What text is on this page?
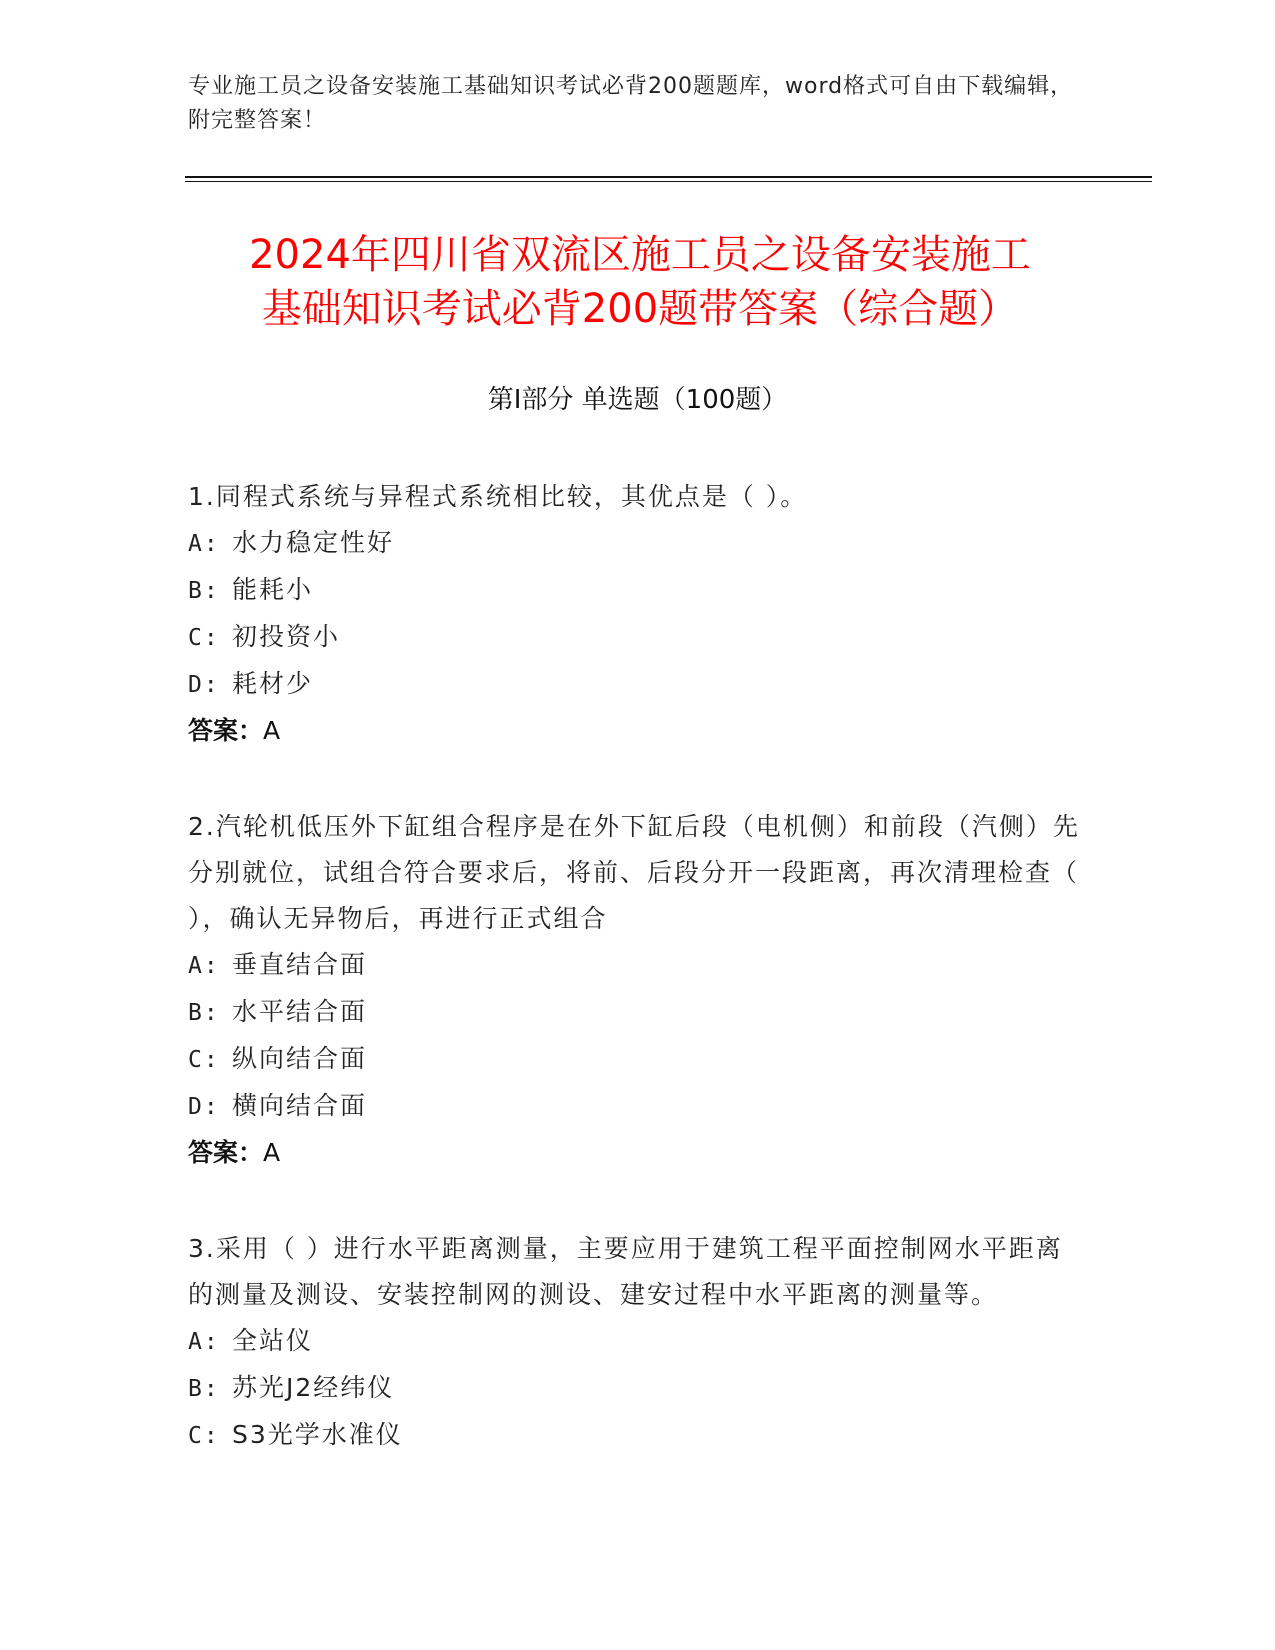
专业施工员之设备安装施工基础知识考试必背200题题库，word格式可自由下载编辑，附完整答案！
2024年四川省双流区施工员之设备安装施工
基础知识考试必背200题带答案（综合题）
第Ⅰ部分 单选题（100题）
1.同程式系统与异程式系统相比较，其优点是（ ）。
A: 水力稳定性好
B: 能耗小
C: 初投资小
D: 耗材少
答案：A
2.汽轮机低压外下缸组合程序是在外下缸后段（电机侧）和前段（汽侧）先分别就位，试组合符合要求后，将前、后段分开一段距离，再次清理检查（ ），确认无异物后，再进行正式组合
A: 垂直结合面
B: 水平结合面
C: 纵向结合面
D: 横向结合面
答案：A
3.采用（ ）进行水平距离测量，主要应用于建筑工程平面控制网水平距离的测量及测设、安装控制网的测设、建安过程中水平距离的测量等。
A: 全站仪
B: 苏光J2经纬仪
C: S3光学水准仪
